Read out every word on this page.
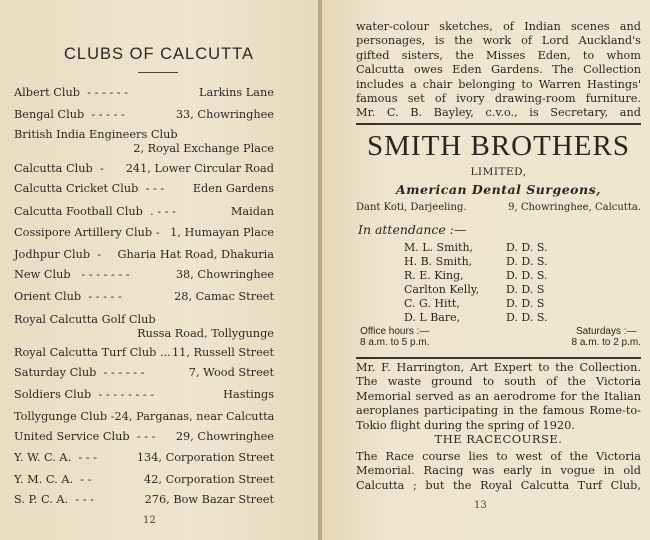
CLUBS OF CALCUTTA
Albert Club - - - - - -	Larkins Lane
Bengal Club - - - - -	33, Chowringhee
British India Engineers Club
2, Royal Exchange Place
Calcutta Club - 241, Lower Circular Road
Calcutta Cricket Club - - -	Eden Gardens
Calcutta Football Club . - - -	Maidan
Cossipore Artillery Club - 1, Humayan Place
Jodhpur Club - Gharia Hat Road, Dhakuria
New Club - - - - - - -	38, Chowringhee
Orient Club - - - - -	28, Camac Street
Royal Calcutta Golf Club
Russa Road, Tollygunge
Royal Calcutta Turf Club ... 11, Russell Street
Saturday Club - - - - - -	7, Wood Street
Soldiers Club - - - - - - - -	Hastings
Tollygunge Club - 24, Parganas, near Calcutta
United Service Club - - - 29, Chowringhee
Y. W. C. A. - - -	134, Corporation Street
Y. M. C. A. - -	42, Corporation Street
S. P. C. A. - - -	276, Bow Bazar Street
12
water-colour sketches, of Indian scenes and
personages, is the work of Lord Auckland's
gifted sisters, the Misses Eden, to whom
Calcutta owes Eden Gardens. The Collection
includes a chair belonging to Warren Hastings'
famous set of ivory drawing-room furniture.
Mr. C. B. Bayley, c.v.o., is Secretary, and
SMITH BROTHERS
LIMITED,
American Dental Surgeons,
Dant Koti, Darjeeling.	9, Chowringhee, Calcutta.
In attendance :—
M. L. Smith,	D. D. S.
H. B. Smith,	D. D. S.
R. E. King,	D. D. S.
Carlton Kelly, D. D. S
C. G. Hitt,	D. D. S
D. L Bare,	D. D. S.
Office hours :—
8 a.m. to 5 p.m.
Saturdays :—
8 a.m. to 2 p.m.
Mr. F. Harrington, Art Expert to the Collection.
The waste ground to south of the Victoria
Memorial served as an aerodrome for the Italian
aeroplanes participating in the famous Rome-to-
Tokio flight during the spring of 1920.
THE RACECOURSE.
The Race course lies to west of the Victoria
Memorial. Racing was early in vogue in old
Calcutta ; but the Royal Calcutta Turf Club,
13
